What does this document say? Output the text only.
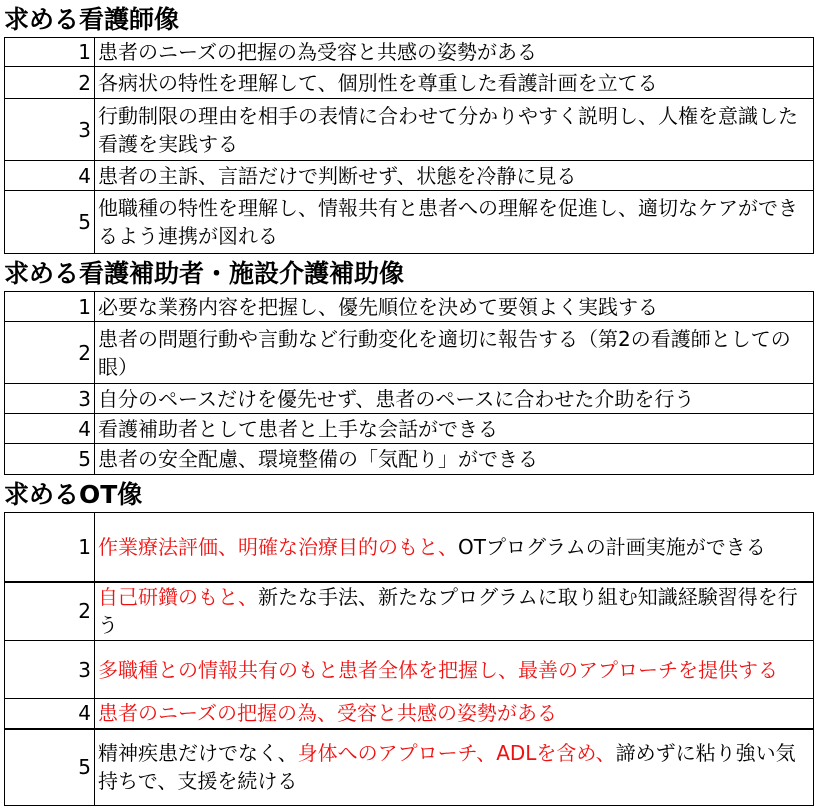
求める看護師像
1	患者のニーズの把握の為受容と共感の姿勢がある
2	各病状の特性を理解して、個別性を尊重した看護計画を立てる
3	行動制限の理由を相手の表情に合わせて分かりやすく説明し、人権を意識した看護を実践する
4	患者の主訴、言語だけで判断せず、状態を冷静に見る
5	他職種の特性を理解し、情報共有と患者への理解を促進し、適切なケアができるよう連携が図れる
求める看護補助者・施設介護補助像
1	必要な業務内容を把握し、優先順位を決めて要領よく実践する
2	患者の問題行動や言動など行動変化を適切に報告する（第2の看護師としての眼）
3	自分のペースだけを優先せず、患者のペースに合わせた介助を行う
4	看護補助者として患者と上手な会話ができる
5	患者の安全配慮、環境整備の「気配り」ができる
求めるOT像
1	作業療法評価、明確な治療目的のもと、OTプログラムの計画実施ができる
2	自己研鑽のもと、新たな手法、新たなプログラムに取り組む知識経験習得を行う
3	多職種との情報共有のもと患者全体を把握し、最善のアプローチを提供する
4	患者のニーズの把握の為、受容と共感の姿勢がある
5	精神疾患だけでなく、身体へのアプローチ、ADLを含め、諦めずに粘り強い気持ちで、支援を続ける
